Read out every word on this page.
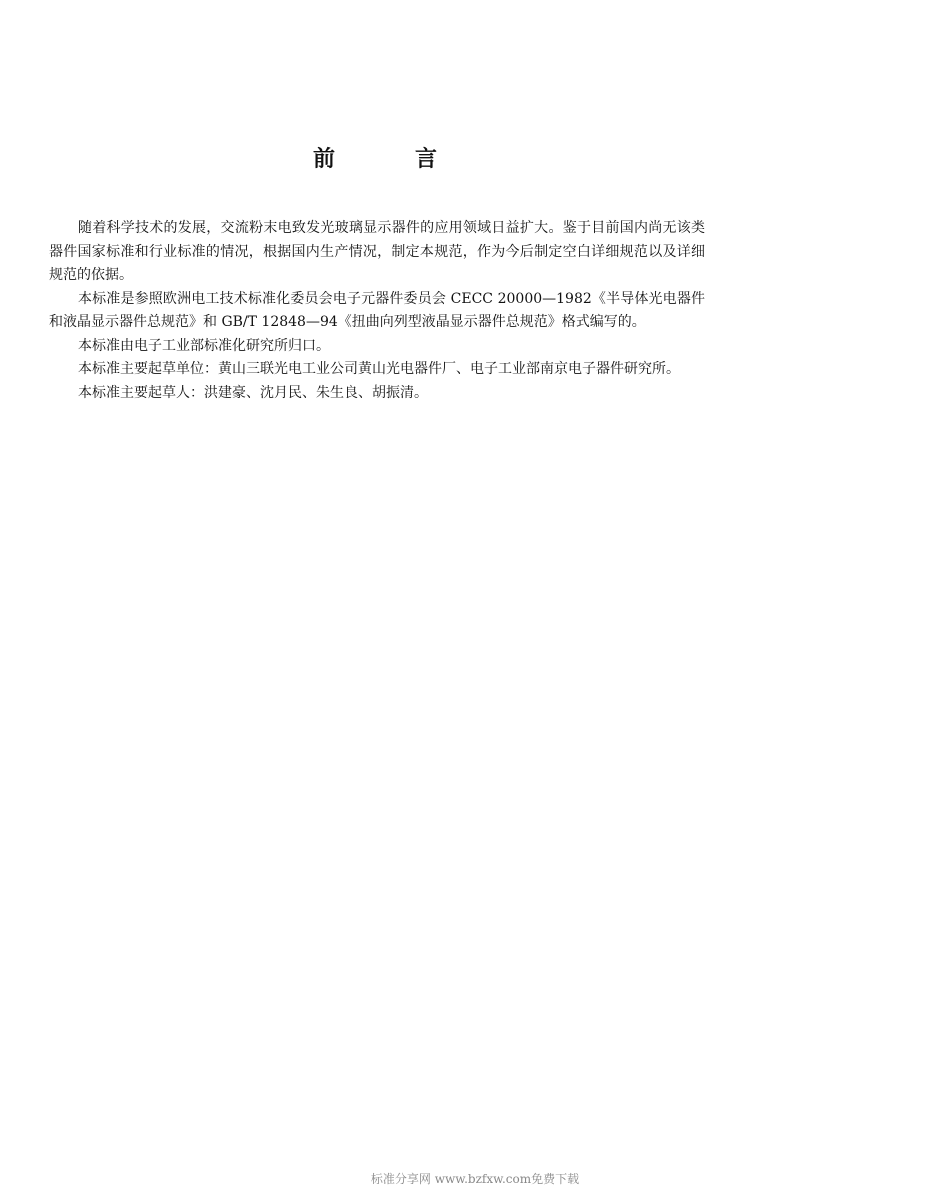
前	言

随着科学技术的发展，交流粉末电致发光玻璃显示器件的应用领域日益扩大。鉴于目前国内尚无该类器件国家标准和行业标准的情况，根据国内生产情况，制定本规范，作为今后制定空白详细规范以及详细规范的依据。

本标准是参照欧洲电工技术标准化委员会电子元器件委员会 CECC 20000—1982《半导体光电器件和液晶显示器件总规范》和 GB/T 12848—94《扭曲向列型液晶显示器件总规范》格式编写的。

本标准由电子工业部标准化研究所归口。

本标准主要起草单位：黄山三联光电工业公司黄山光电器件厂、电子工业部南京电子器件研究所。

本标准主要起草人：洪建豪、沈月民、朱生良、胡振清。

标准分享网 www.bzfxw.com免费下载
